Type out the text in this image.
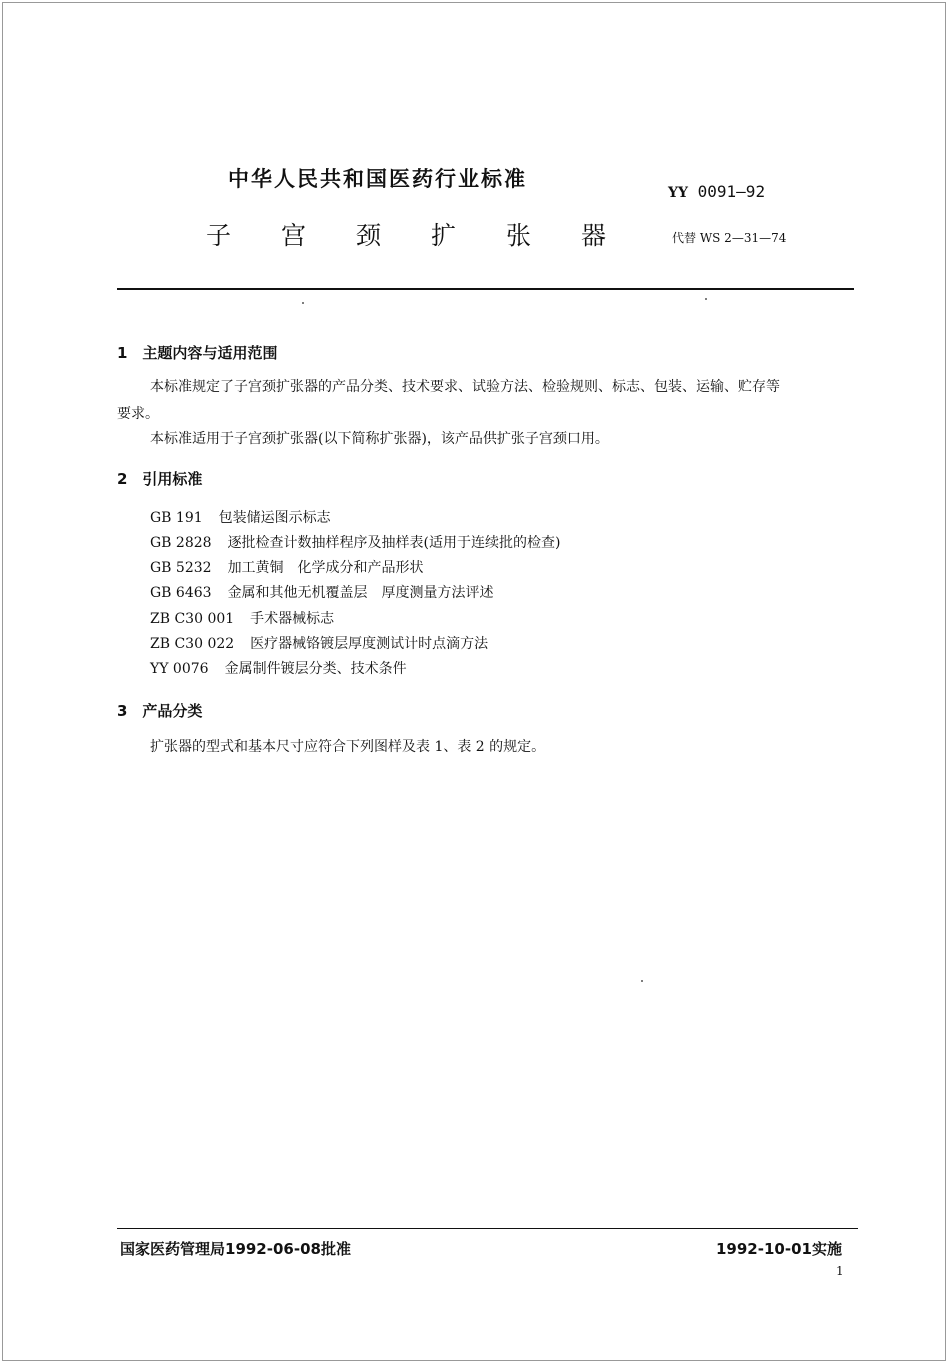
中华人民共和国医药行业标准
子宫颈扩张器
YY 0091—92
代替 WS 2—31—74
1　主题内容与适用范围
本标准规定了子宫颈扩张器的产品分类、技术要求、试验方法、检验规则、标志、包装、运输、贮存等
要求。
本标准适用于子宫颈扩张器(以下简称扩张器)，该产品供扩张子宫颈口用。
2　引用标准
GB 191 包装储运图示标志
GB 2828 逐批检查计数抽样程序及抽样表(适用于连续批的检查)
GB 5232 加工黄铜　化学成分和产品形状
GB 6463 金属和其他无机覆盖层　厚度测量方法评述
ZB C30 001 手术器械标志
ZB C30 022 医疗器械铬镀层厚度测试计时点滴方法
YY 0076 金属制件镀层分类、技术条件
3　产品分类
扩张器的型式和基本尺寸应符合下列图样及表 1、表 2 的规定。
国家医药管理局1992-06-08批准	1992-10-01实施
1
